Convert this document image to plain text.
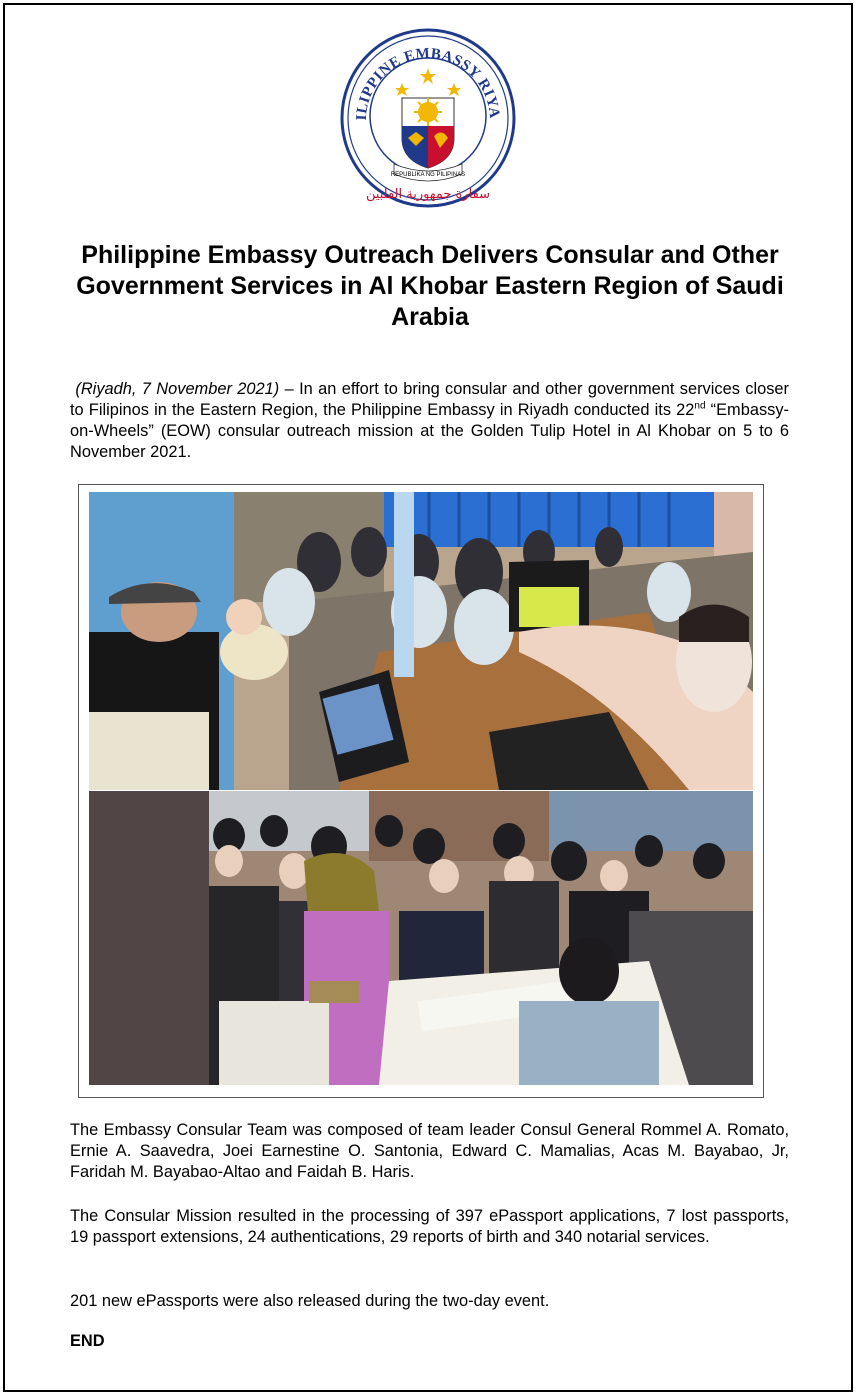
ILIPPINE EMBASSY RIYA
REPUBLIKA NG PILIPINAS
سفارة جمهورية الفلبين
Philippine Embassy Outreach Delivers Consular and Other Government Services in Al Khobar Eastern Region of Saudi Arabia

(Riyadh, 7 November 2021) – In an effort to bring consular and other government services closer to Filipinos in the Eastern Region, the Philippine Embassy in Riyadh conducted its 22nd “Embassy-on-Wheels” (EOW) consular outreach mission at the Golden Tulip Hotel in Al Khobar on 5 to 6 November 2021.

The Embassy Consular Team was composed of team leader Consul General Rommel A. Romato, Ernie A. Saavedra, Joei Earnestine O. Santonia, Edward C. Mamalias, Acas M. Bayabao, Jr, Faridah M. Bayabao-Altao and Faidah B. Haris.

The Consular Mission resulted in the processing of 397 ePassport applications, 7 lost passports, 19 passport extensions, 24 authentications, 29 reports of birth and 340 notarial services.

201 new ePassports were also released during the two-day event.

END
